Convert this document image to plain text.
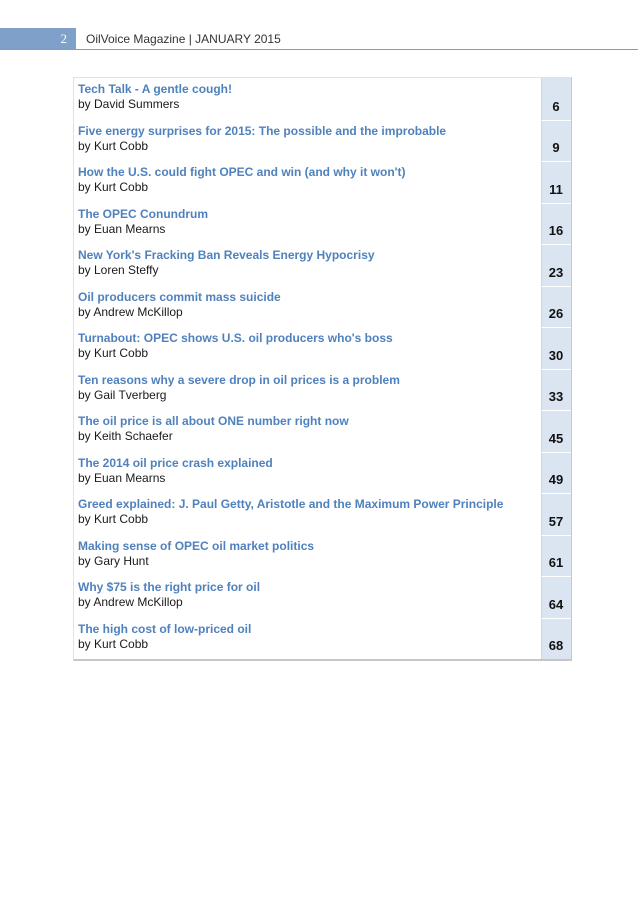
2	OilVoice Magazine | JANUARY 2015
Tech Talk - A gentle cough!
by David Summers	6
Five energy surprises for 2015: The possible and the improbable
by Kurt Cobb	9
How the U.S. could fight OPEC and win (and why it won't)
by Kurt Cobb	11
The OPEC Conundrum
by Euan Mearns	16
New York's Fracking Ban Reveals Energy Hypocrisy
by Loren Steffy	23
Oil producers commit mass suicide
by Andrew McKillop	26
Turnabout: OPEC shows U.S. oil producers who's boss
by Kurt Cobb	30
Ten reasons why a severe drop in oil prices is a problem
by Gail Tverberg	33
The oil price is all about ONE number right now
by Keith Schaefer	45
The 2014 oil price crash explained
by Euan Mearns	49
Greed explained: J. Paul Getty, Aristotle and the Maximum Power Principle
by Kurt Cobb	57
Making sense of OPEC oil market politics
by Gary Hunt	61
Why $75 is the right price for oil
by Andrew McKillop	64
The high cost of low-priced oil
by Kurt Cobb	68
